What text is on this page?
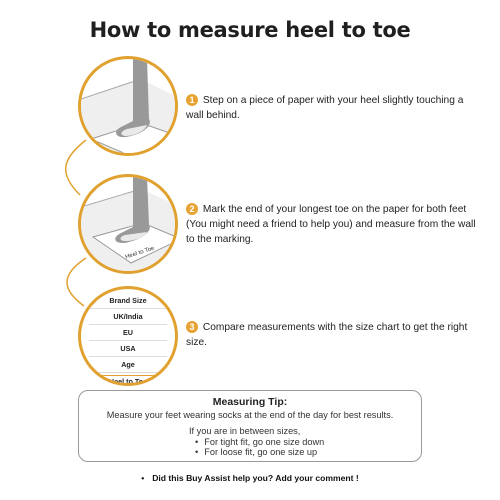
How to measure heel to toe
1 Step on a piece of paper with your heel slightly touching a wall behind.
Heel to Toe
2 Mark the end of your longest toe on the paper for both feet (You might need a friend to help you) and measure from the wall to the marking.
Brand Size
UK/India
EU
USA
Age
Heel to Toe
3 Compare measurements with the size chart to get the right size.
Measuring Tip:
Measure your feet wearing socks at the end of the day for best results.
If you are in between sizes,
• For tight fit, go one size down
• For loose fit, go one size up
• Did this Buy Assist help you? Add your comment !
